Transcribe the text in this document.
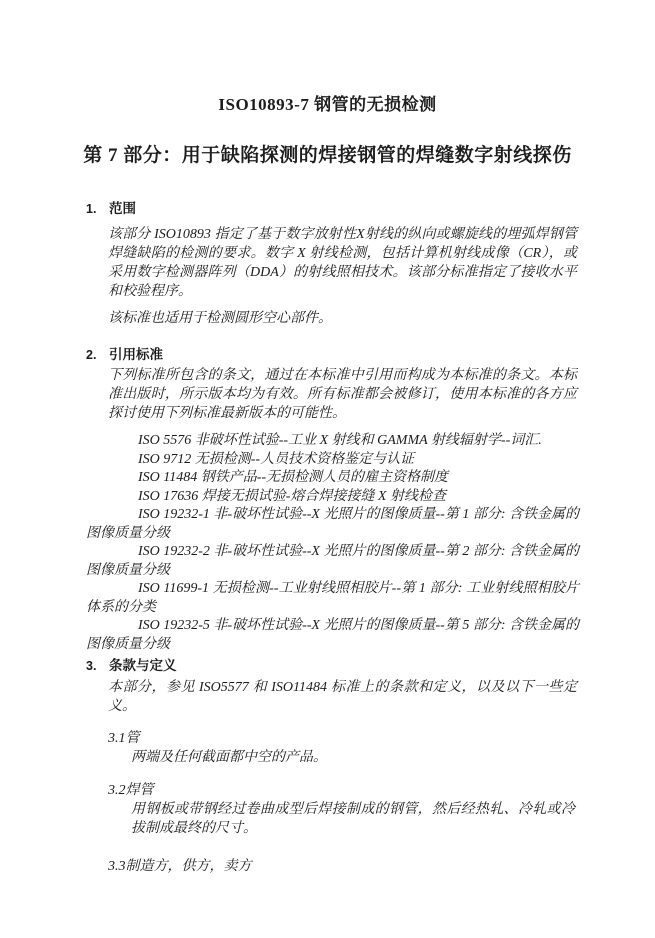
ISO10893-7 钢管的无损检测
第 7 部分：用于缺陷探测的焊接钢管的焊缝数字射线探伤
1. 范围

该部分 ISO10893 指定了基于数字放射性X射线的纵向或螺旋线的埋弧焊钢管焊缝缺陷的检测的要求。数字 X 射线检测，包括计算机射线成像（CR），或采用数字检测器阵列（DDA）的射线照相技术。该部分标准指定了接收水平和校验程序。

该标准也适用于检测圆形空心部件。

2. 引用标准

下列标准所包含的条文，通过在本标准中引用而构成为本标准的条文。本标准出版时，所示版本均为有效。所有标准都会被修订，使用本标准的各方应探讨使用下列标准最新版本的可能性。

ISO 5576 非破坏性试验--工业 X 射线和 GAMMA 射线辐射学--词汇.

ISO 9712 无损检测--人员技术资格鉴定与认证

ISO 11484 钢铁产品--无损检测人员的雇主资格制度

ISO 17636 焊接无损试验-熔合焊接接缝 X 射线检查

ISO 19232-1 非-破坏性试验--X 光照片的图像质量--第 1 部分: 含铁金属的图像质量分级

ISO 19232-2 非-破坏性试验--X 光照片的图像质量--第 2 部分: 含铁金属的图像质量分级

ISO 11699-1 无损检测--工业射线照相胶片--第 1 部分: 工业射线照相胶片体系的分类

ISO 19232-5 非-破坏性试验--X 光照片的图像质量--第 5 部分: 含铁金属的图像质量分级

3. 条款与定义

本部分，参见 ISO5577 和 ISO11484 标准上的条款和定义，以及以下一些定义。

3.1管

两端及任何截面都中空的产品。

3.2焊管

用钢板或带钢经过卷曲成型后焊接制成的钢管，然后经热轧、冷轧或冷拔制成最终的尺寸。

3.3制造方，供方，卖方
